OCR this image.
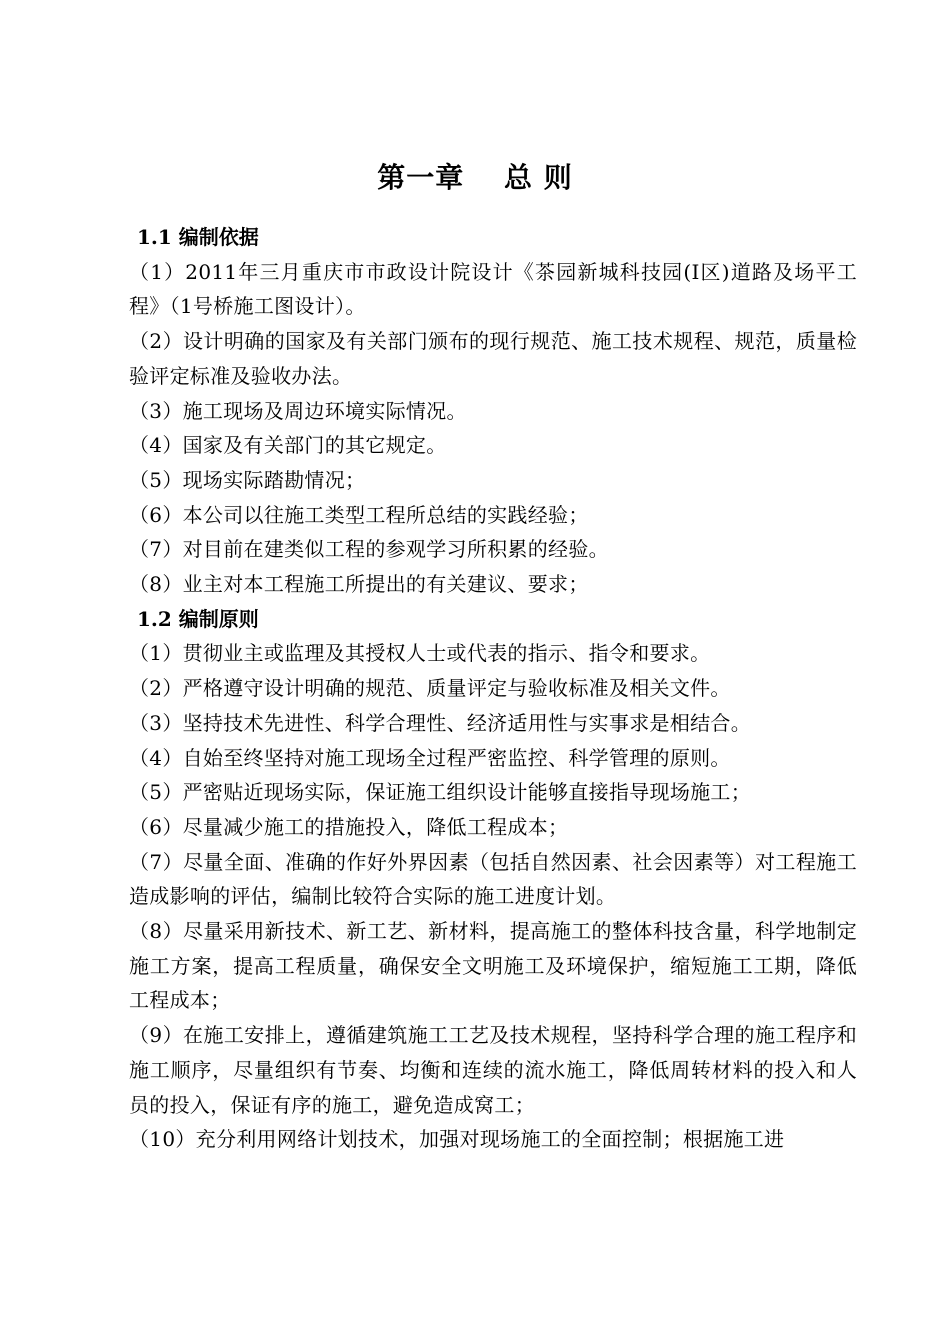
第一章　 总 则

1.1 编制依据

（1）2011年三月重庆市市政设计院设计《茶园新城科技园(I区)道路及场平工程》（1号桥施工图设计）。

（2）设计明确的国家及有关部门颁布的现行规范、施工技术规程、规范，质量检验评定标准及验收办法。

（3）施工现场及周边环境实际情况。

（4）国家及有关部门的其它规定。

（5）现场实际踏勘情况；

（6）本公司以往施工类型工程所总结的实践经验；

（7）对目前在建类似工程的参观学习所积累的经验。

（8）业主对本工程施工所提出的有关建议、要求；

1.2 编制原则

（1）贯彻业主或监理及其授权人士或代表的指示、指令和要求。

（2）严格遵守设计明确的规范、质量评定与验收标准及相关文件。

（3）坚持技术先进性、科学合理性、经济适用性与实事求是相结合。

（4）自始至终坚持对施工现场全过程严密监控、科学管理的原则。

（5）严密贴近现场实际，保证施工组织设计能够直接指导现场施工；

（6）尽量减少施工的措施投入，降低工程成本；

（7）尽量全面、准确的作好外界因素（包括自然因素、社会因素等）对工程施工造成影响的评估，编制比较符合实际的施工进度计划。

（8）尽量采用新技术、新工艺、新材料，提高施工的整体科技含量，科学地制定施工方案，提高工程质量，确保安全文明施工及环境保护，缩短施工工期，降低工程成本；

（9）在施工安排上，遵循建筑施工工艺及技术规程，坚持科学合理的施工程序和施工顺序，尽量组织有节奏、均衡和连续的流水施工，降低周转材料的投入和人员的投入，保证有序的施工，避免造成窝工；

（10）充分利用网络计划技术，加强对现场施工的全面控制；根据施工进
